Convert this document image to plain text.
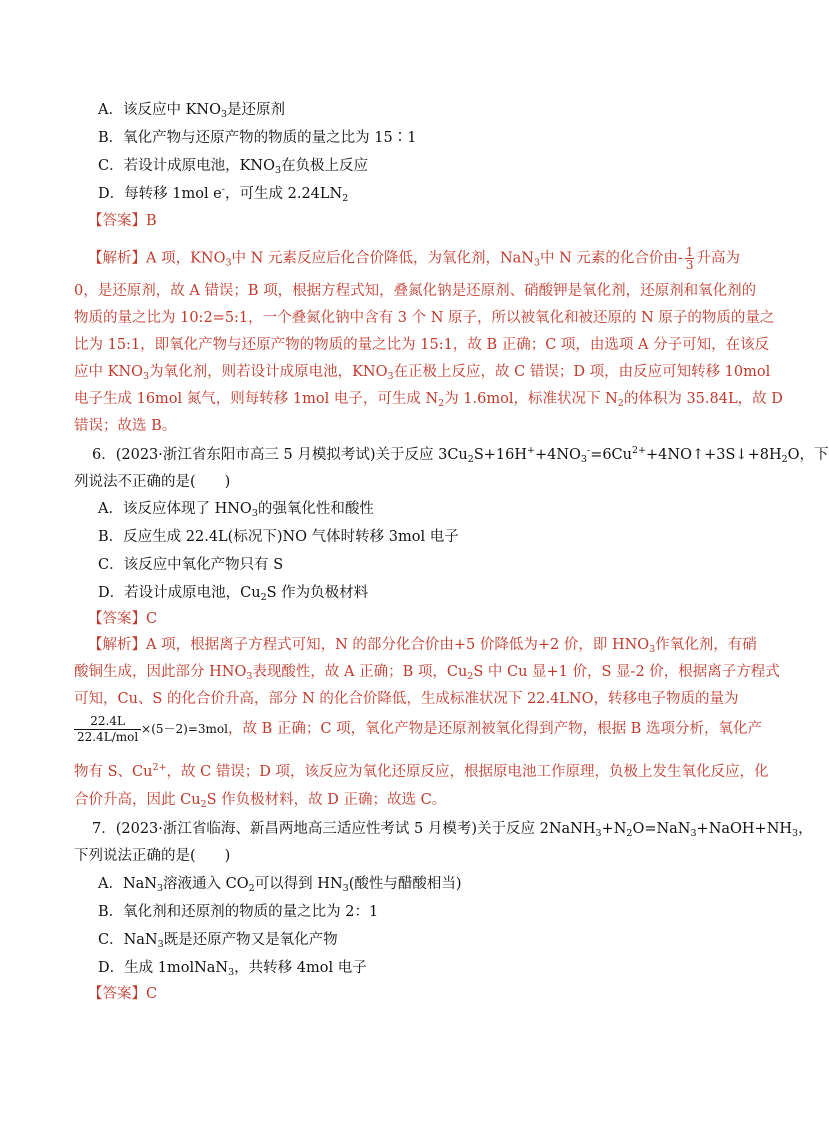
A．该反应中 $KNO_3$是还原剂
B．氧化产物与还原产物的物质的量之比为 15∶1
C．若设计成原电池，$KNO_3$在负极上反应
D．每转移 1mol e-，可生成 $2.24LN_2$
【答案】B
【解析】A 项，$KNO_3$中 N 元素反应后化合价降低，为氧化剂，NaN$_3$中 N 元素的化合价由- $\frac{1}{3}$ 升高为
0，是还原剂，故 A 错误；B 项，根据方程式知，叠氮化钠是还原剂、硝酸钾是氧化剂，还原剂和氧化剂的
物质的量之比为 10:2=5:1，一个叠氮化钠中含有 3 个 N 原子，所以被氧化和被还原的 N 原子的物质的量之
比为 15:1，即氧化产物与还原产物的物质的量之比为 15:1，故 B 正确；C 项，由选项 A 分子可知，在该反
应中 $KNO_3$为氧化剂，则若设计成原电池，$KNO_3$在正极上反应，故 C 错误；D 项，由反应可知转移 10mol
电子生成 16mol 氮气，则每转移 1mol 电子，可生成 $N_2$为 1.6mol，标准状况下 $N_2$的体积为 35.84L，故 D
错误；故选 B。
6．(2023·浙江省东阳市高三 5 月模拟考试)关于反应 $3Cu_2S+16H^++4NO_3^-=6Cu^{2+}+4NO↑+3S↓+8H_2O$，下
列说法不正确的是(　　)
A．该反应体现了 $HNO_3$的强氧化性和酸性
B．反应生成 22.4L(标况下)NO 气体时转移 3mol 电子
C．该反应中氧化产物只有 S
D．若设计成原电池，$Cu_2S$ 作为负极材料
【答案】C
【解析】A 项，根据离子方程式可知，N 的部分化合价由+5 价降低为+2 价，即 $HNO_3$作氧化剂，有硝
酸铜生成，因此部分 $HNO_3$表现酸性，故 A 正确；B 项，$Cu_2S$ 中 Cu 显+1 价，S 显-2 价，根据离子方程式
可知，Cu、S 的化合价升高，部分 N 的化合价降低，生成标准状况下 22.4LNO，转移电子物质的量为
$\frac{22.4L}{\text{22.4L/mol}} \times(5-2)=3mol$，故 B 正确；C 项，氧化产物是还原剂被氧化得到产物，根据 B 选项分析，氧化产
物有 S、$Cu^{2+}$，故 C 错误；D 项，该反应为氧化还原反应，根据原电池工作原理，负极上发生氧化反应，化
合价升高，因此 $Cu_2S$ 作负极材料，故 D 正确；故选 C。
7．(2023·浙江省临海、新昌两地高三适应性考试 5 月模考)关于反应 $2NaNH_3+N_2O=NaN_3+NaOH+NH_3$，
下列说法正确的是(　　)
A．NaN$_3$溶液通入 $CO_2$可以得到 $HN_3$(酸性与醋酸相当)
B．氧化剂和还原剂的物质的量之比为 2：1
C．NaN$_3$既是还原产物又是氧化产物
D．生成 1molNaN$_3$，共转移 4mol 电子
【答案】C
